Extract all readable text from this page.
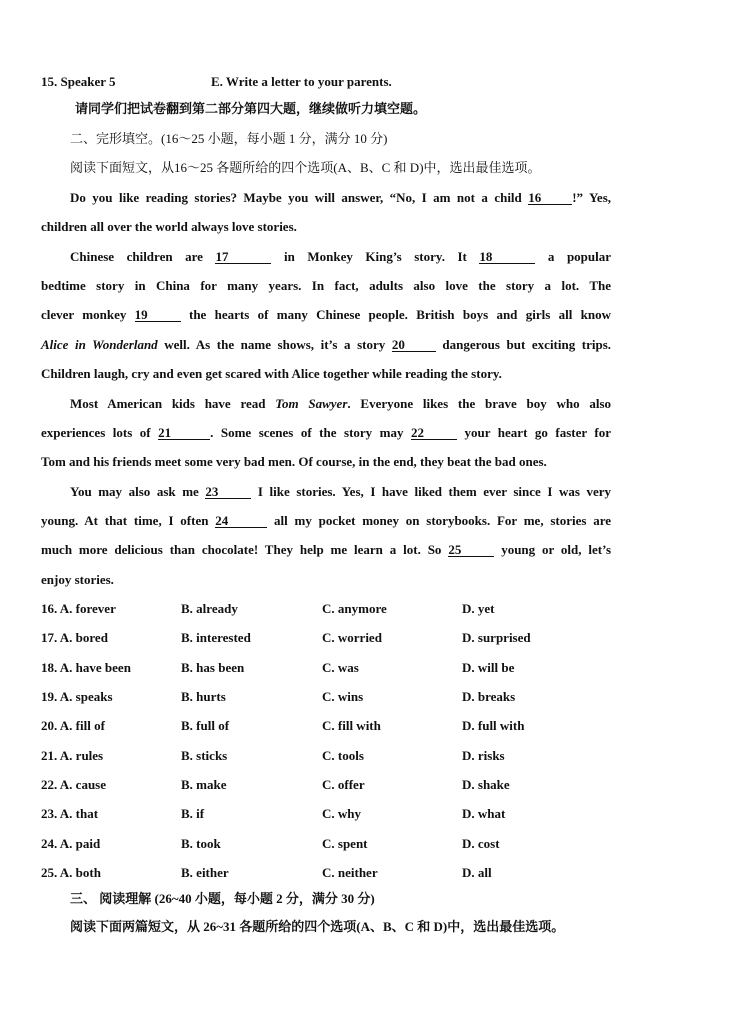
15. Speaker 5	E. Write a letter to your parents.
请同学们把试卷翻到第二部分第四大题，继续做听力填空题。
二、完形填空。(16～25 小题，每小题 1 分，满分 10 分)
阅读下面短文，从16～25 各题所给的四个选项(A、B、C 和 D)中，选出最佳选项。
Do you like reading stories? Maybe you will answer, “No, I am not a child 16 !” Yes,
children all over the world always love stories.
Chinese children are 17	in Monkey King’s story. It 18	a popular
bedtime story in China for many years. In fact, adults also love the story a lot. The
clever monkey 19	the hearts of many Chinese people. British boys and girls all know
Alice in Wonderland well. As the name shows, it’s a story 20	dangerous but exciting trips.
Children laugh, cry and even get scared with Alice together while reading the story.
Most American kids have read Tom Sawyer. Everyone likes the brave boy who also
experiences lots of 21	. Some scenes of the story may 22	your heart go faster for
Tom and his friends meet some very bad men. Of course, in the end, they beat the bad ones.
You may also ask me 23	I like stories. Yes, I have liked them ever since I was very
young. At that time, I often 24	all my pocket money on storybooks. For me, stories are
much more delicious than chocolate! They help me learn a lot. So 25	young or old, let’s
enjoy stories.
16. A. forever	B. already	C. anymore	D. yet
17. A. bored	B. interested	C. worried	D. surprised
18. A. have been	B. has been	C. was	D. will be
19. A. speaks	B. hurts	C. wins	D. breaks
20. A. fill of	B. full of	C. fill with	D. full with
21. A. rules	B. sticks	C. tools	D. risks
22. A. cause	B. make	C. offer	D. shake
23. A. that	B. if	C. why	D. what
24. A. paid	B. took	C. spent	D. cost
25. A. both	B. either	C. neither	D. all
三、 阅读理解 (26~40 小题，每小题 2 分，满分 30 分)
阅读下面两篇短文，从 26~31 各题所给的四个选项(A、B、C 和 D)中，选出最佳选项。
